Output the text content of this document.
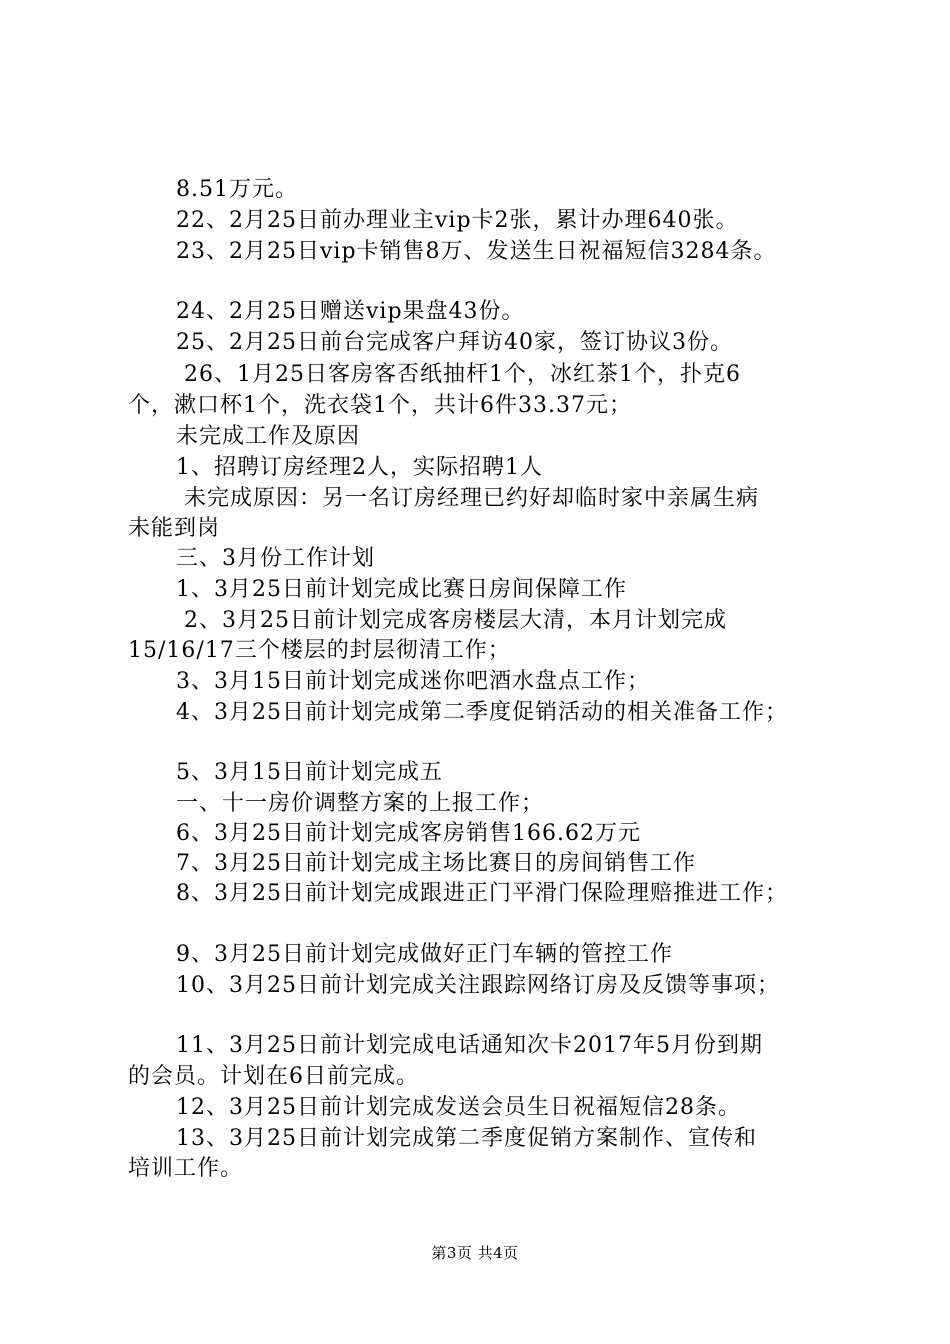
8.51万元。
22、2月25日前办理业主vip卡2张，累计办理640张。
23、2月25日vip卡销售8万、发送生日祝福短信3284条。
24、2月25日赠送vip果盘43份。
25、2月25日前台完成客户拜访40家，签订协议3份。
26、1月25日客房客否纸抽杆1个，冰红茶1个，扑克6
个，漱口杯1个，洗衣袋1个，共计6件33.37元；
未完成工作及原因
1、招聘订房经理2人，实际招聘1人
未完成原因：另一名订房经理已约好却临时家中亲属生病
未能到岗
三、3月份工作计划
1、3月25日前计划完成比赛日房间保障工作
2、3月25日前计划完成客房楼层大清，本月计划完成
15/16/17三个楼层的封层彻清工作；
3、3月15日前计划完成迷你吧酒水盘点工作；
4、3月25日前计划完成第二季度促销活动的相关准备工作；
5、3月15日前计划完成五
一、十一房价调整方案的上报工作；
6、3月25日前计划完成客房销售166.62万元
7、3月25日前计划完成主场比赛日的房间销售工作
8、3月25日前计划完成跟进正门平滑门保险理赔推进工作；
9、3月25日前计划完成做好正门车辆的管控工作
10、3月25日前计划完成关注跟踪网络订房及反馈等事项；
11、3月25日前计划完成电话通知次卡2017年5月份到期
的会员。计划在6日前完成。
12、3月25日前计划完成发送会员生日祝福短信28条。
13、3月25日前计划完成第二季度促销方案制作、宣传和
培训工作。
第3页 共4页
